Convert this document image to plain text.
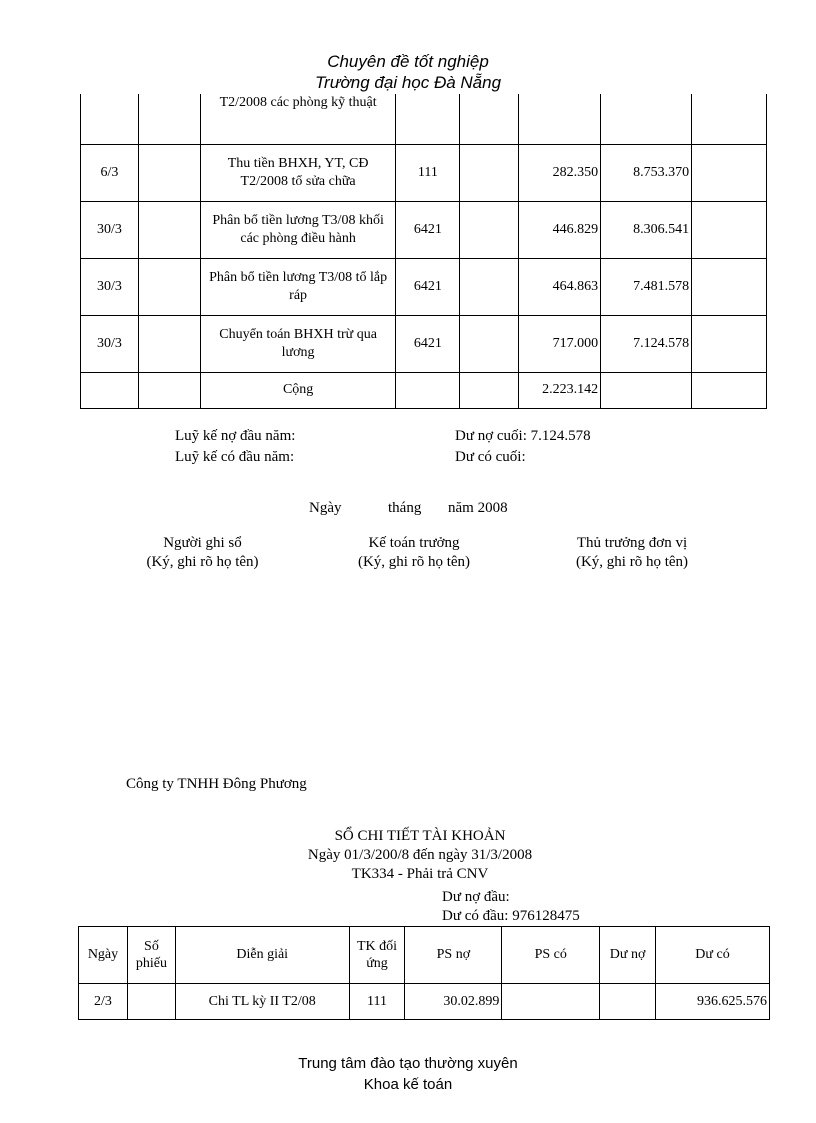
Chuyên đề tốt nghiệp
Trường đại học Đà Nẵng
		T2/2008 các phòng kỹ thuật					
6/3		Thu tiền BHXH, YT, CĐ T2/2008 tổ sửa chữa	111		282.350	8.753.370	
30/3		Phân bổ tiền lương T3/08 khối các phòng điều hành	6421		446.829	8.306.541	
30/3		Phân bổ tiền lương T3/08 tổ lắp ráp	6421		464.863	7.481.578	
30/3		Chuyển toán BHXH trừ qua lương	6421		717.000	7.124.578	
		Cộng			2.223.142		
Luỹ kế nợ đầu năm:
Luỹ kế có đầu năm:
Dư nợ cuối: 7.124.578
Dư có cuối:
Ngày	tháng năm 2008
Người ghi sổ
(Ký, ghi rõ họ tên)
Kế toán trưởng
(Ký, ghi rõ họ tên)
Thủ trưởng đơn vị
(Ký, ghi rõ họ tên)
Công ty TNHH Đông Phương
SỔ CHI TIẾT TÀI KHOẢN
Ngày 01/3/200/8 đến ngày 31/3/2008
TK334 - Phải trả CNV
Dư nợ đầu:
Dư có đầu: 976128475
Ngày	Số phiếu	Diễn giải	TK đối ứng	PS nợ	PS có	Dư nợ	Dư có
2/3		Chi TL kỳ II T2/08	111	30.02.899			936.625.576
Trung tâm đào tạo thường xuyên
Khoa kế toán
